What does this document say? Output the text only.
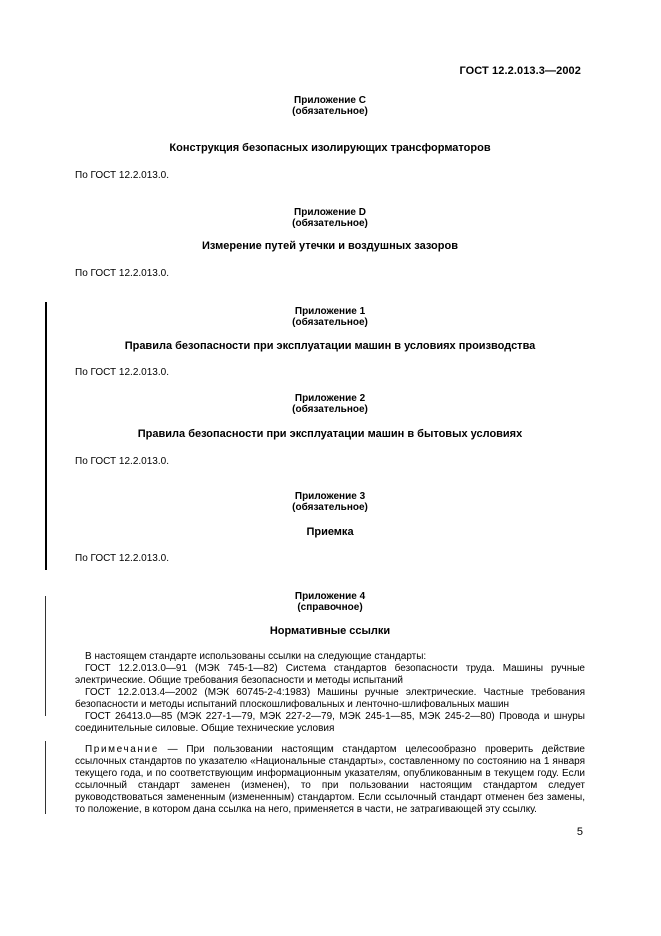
ГОСТ 12.2.013.3—2002
Приложение С
(обязательное)
Конструкция безопасных изолирующих трансформаторов
По ГОСТ 12.2.013.0.
Приложение D
(обязательное)
Измерение путей утечки и воздушных зазоров
По ГОСТ 12.2.013.0.
Приложение 1
(обязательное)
Правила безопасности при эксплуатации машин в условиях производства
По ГОСТ 12.2.013.0.
Приложение 2
(обязательное)
Правила безопасности при эксплуатации машин в бытовых условиях
По ГОСТ 12.2.013.0.
Приложение 3
(обязательное)
Приемка
По ГОСТ 12.2.013.0.
Приложение 4
(справочное)
Нормативные ссылки

В настоящем стандарте использованы ссылки на следующие стандарты:

ГОСТ 12.2.013.0—91 (МЭК 745-1—82) Система стандартов безопасности труда. Машины ручные электрические. Общие требования безопасности и методы испытаний

ГОСТ 12.2.013.4—2002 (МЭК 60745-2-4:1983) Машины ручные электрические. Частные требования безопасности и методы испытаний плоскошлифовальных и ленточно-шлифовальных машин

ГОСТ 26413.0—85 (МЭК 227-1—79, МЭК 227-2—79, МЭК 245-1—85, МЭК 245-2—80) Провода и шнуры соединительные силовые. Общие технические условия

Примечание — При пользовании настоящим стандартом целесообразно проверить действие ссылочных стандартов по указателю «Национальные стандарты», составленному по состоянию на 1 января текущего года, и по соответствующим информационным указателям, опубликованным в текущем году. Если ссылочный стандарт заменен (изменен), то при пользовании настоящим стандартом следует руководствоваться замененным (измененным) стандартом. Если ссылочный стандарт отменен без замены, то положение, в котором дана ссылка на него, применяется в части, не затрагивающей эту ссылку.

5
